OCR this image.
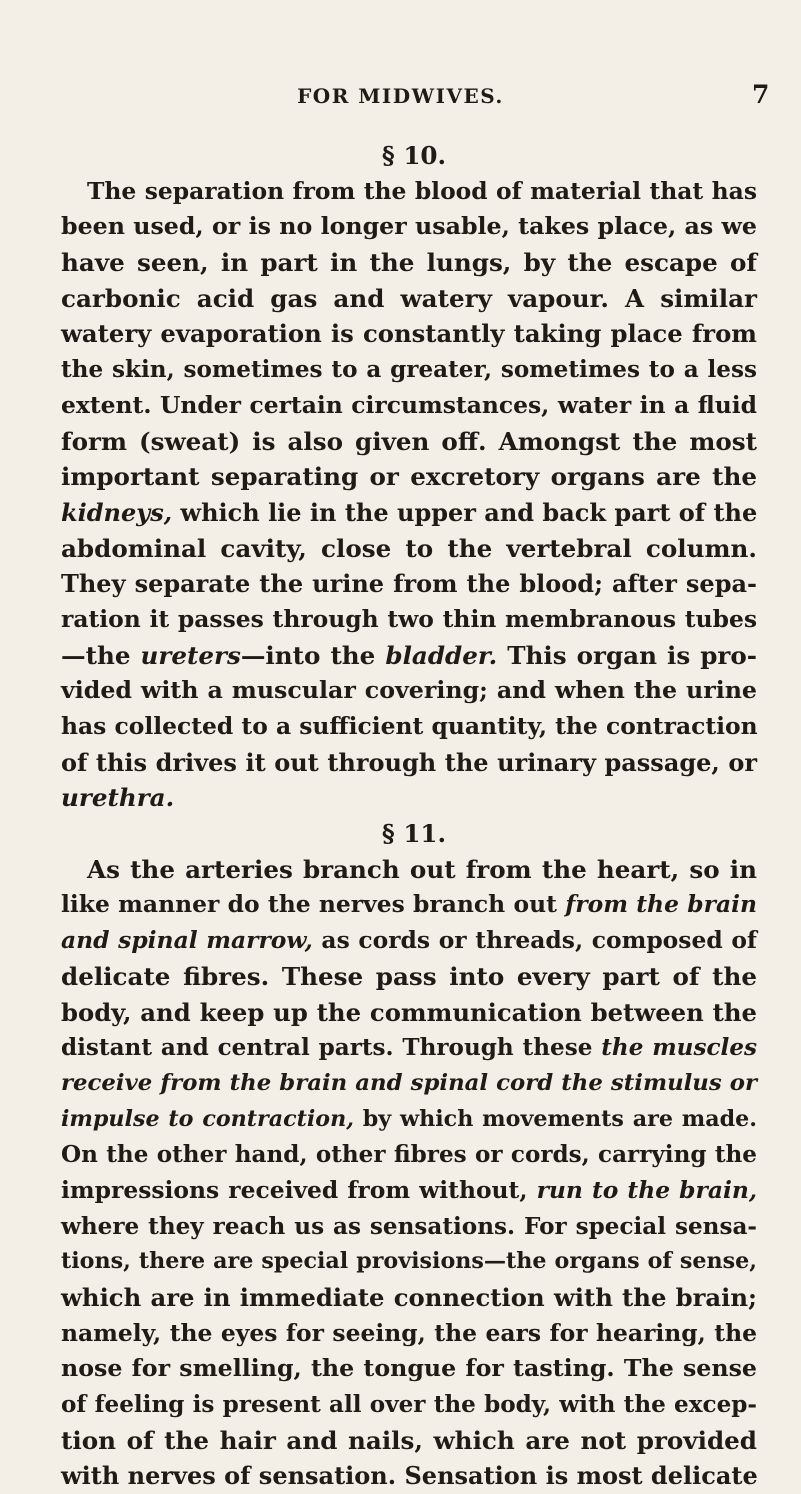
FOR MIDWIVES.	7
§ 10.
The separation from the blood of material that has
been used, or is no longer usable, takes place, as we
have seen, in part in the lungs, by the escape of
carbonic acid gas and watery vapour. A similar
watery evaporation is constantly taking place from
the skin, sometimes to a greater, sometimes to a less
extent. Under certain circumstances, water in a fluid
form (sweat) is also given off. Amongst the most
important separating or excretory organs are the
kidneys, which lie in the upper and back part of the
abdominal cavity, close to the vertebral column.
They separate the urine from the blood; after sepa-
ration it passes through two thin membranous tubes
—the ureters—into the bladder. This organ is pro-
vided with a muscular covering; and when the urine
has collected to a sufficient quantity, the contraction
of this drives it out through the urinary passage, or
urethra.
§ 11.
As the arteries branch out from the heart, so in
like manner do the nerves branch out from the brain
and spinal marrow, as cords or threads, composed of
delicate fibres. These pass into every part of the
body, and keep up the communication between the
distant and central parts. Through these the muscles
receive from the brain and spinal cord the stimulus or
impulse to contraction, by which movements are made.
On the other hand, other fibres or cords, carrying the
impressions received from without, run to the brain,
where they reach us as sensations. For special sensa-
tions, there are special provisions—the organs of sense,
which are in immediate connection with the brain;
namely, the eyes for seeing, the ears for hearing, the
nose for smelling, the tongue for tasting. The sense
of feeling is present all over the body, with the excep-
tion of the hair and nails, which are not provided
with nerves of sensation. Sensation is most delicate
